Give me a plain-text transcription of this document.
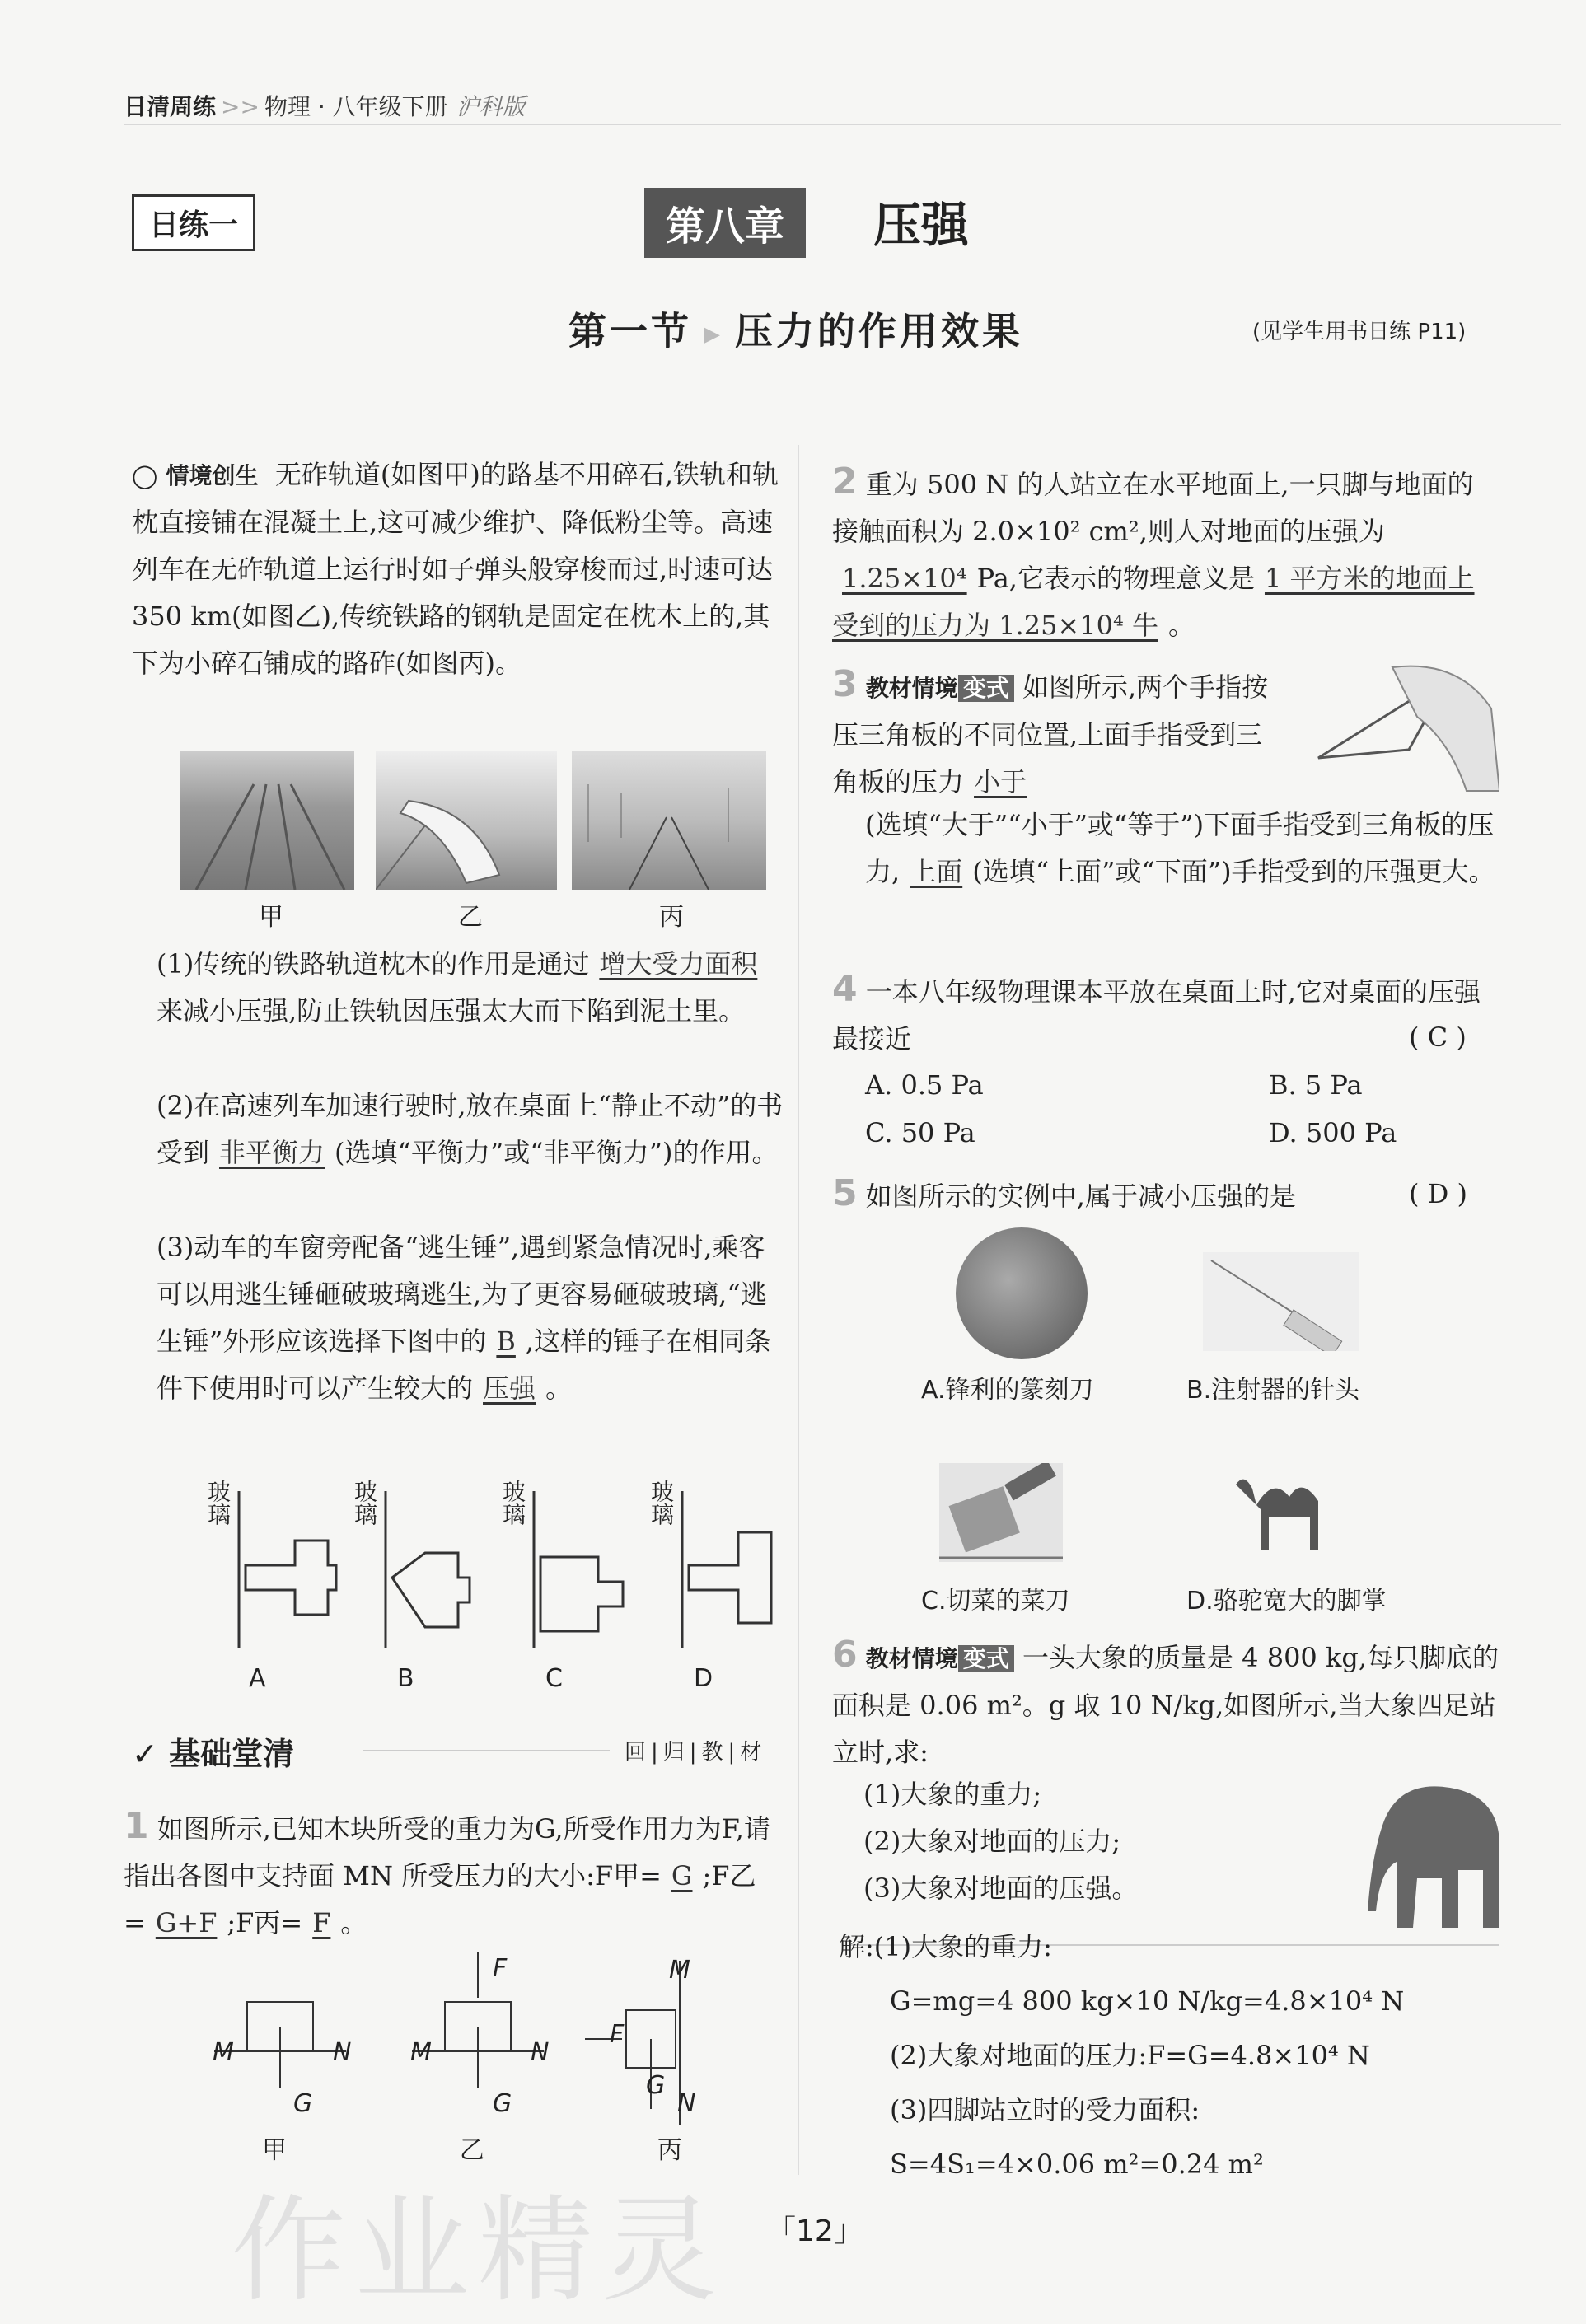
日清周练 >> 物理 · 八年级下册 沪科版
日练一	第八章	压强
第一节 ▶ 压力的作用效果	(见学生用书日练 P11)
◯ 情境创生 无砟轨道(如图甲)的路基不用碎石,铁轨和轨枕直接铺在混凝土上,这可减少维护、降低粉尘等。高速列车在无砟轨道上运行时如子弹头般穿梭而过,时速可达 350 km(如图乙),传统铁路的钢轨是固定在枕木上的,其下为小碎石铺成的路砟(如图丙)。
甲	乙	丙
(1)传统的铁路轨道枕木的作用是通过 增大受力面积来减小压强,防止铁轨因压强太大而下陷到泥土里。
(2)在高速列车加速行驶时,放在桌面上“静止不动”的书受到 非平衡力 (选填“平衡力”或“非平衡力”)的作用。
(3)动车的车窗旁配备“逃生锤”,遇到紧急情况时,乘客可以用逃生锤砸破玻璃逃生,为了更容易砸破玻璃,“逃生锤”外形应该选择下图中的 B ,这样的锤子在相同条件下使用时可以产生较大的 压强 。
玻璃	玻璃	玻璃	玻璃
A	B	C	D
✓ 基础堂清	回|归|教|材
1 如图所示,已知木块所受的重力为G,所受作用力为F,请指出各图中支持面 MN 所受压力的大小:F甲= G ;F乙= G+F ;F丙= F 。
甲	乙	丙
M	N
G
M	N
G
F	M
N
F
G
2 重为 500 N 的人站立在水平地面上,一只脚与地面的接触面积为 2.0×10² cm²,则人对地面的压强为1.25×10⁴ Pa,它表示的物理意义是 1 平方米的地面上受到的压力为 1.25×10⁴ 牛 。
3 教材情境 变式 如图所示,两个手指按压三角板的不同位置,上面手指受到三角板的压力 小于
(选填“大于”“小于”或“等于”)下面手指受到三角板的压力, 上面 (选填“上面”或“下面”)手指受到的压强更大。
4 一本八年级物理课本平放在桌面上时,它对桌面的压强最接近	( C )
A. 0.5 Pa	B. 5 Pa
C. 50 Pa	D. 500 Pa
5 如图所示的实例中,属于减小压强的是	( D )
A.锋利的篆刻刀	B.注射器的针头
C.切菜的菜刀	D.骆驼宽大的脚掌
6 教材情境 变式 一头大象的质量是 4 800 kg,每只脚底的面积是 0.06 m²。g 取 10 N/kg,如图所示,当大象四足站立时,求:
(1)大象的重力;
(2)大象对地面的压力;
(3)大象对地面的压强。
解:(1)大象的重力:
G=mg=4 800 kg×10 N/kg=4.8×10⁴ N
(2)大象对地面的压力:F=G=4.8×10⁴ N
(3)四脚站立时的受力面积:
S=4S₁=4×0.06 m²=0.24 m²
「12」
作业精灵
